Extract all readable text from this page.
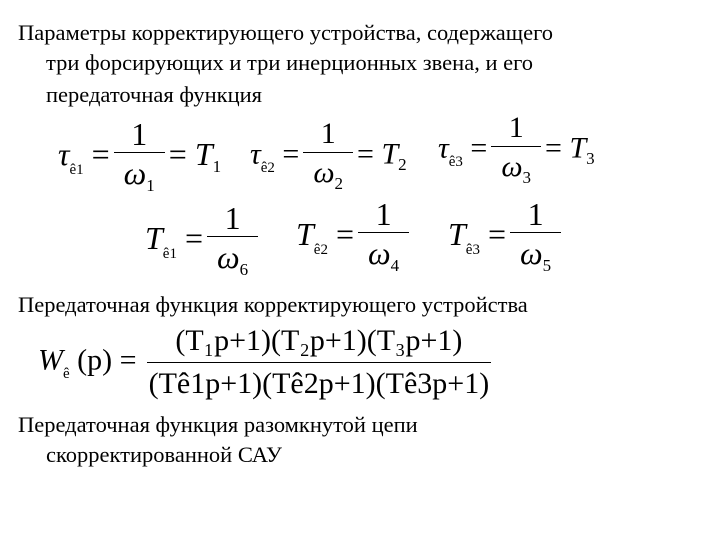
Параметры корректирующего устройства, содержащего
три форсирующих и три инерционных звена, и его
передаточная функция
$\tau_{ê1} = \frac{1}{\omega_1} = T_1$ $\tau_{ê2} = \frac{1}{\omega_2} = T_2$
$\tau_{ê3} = \frac{1}{\omega_3} = T_3$
$T_{ê1} = \frac{1}{\omega_6} T_{ê2} = \frac{1}{\omega_4} T_{ê3} = \frac{1}{\omega_5}$
Передаточная функция корректирующего устройства
$W_ê$ $(p) = \frac{\text{(T₁p+1)(T₂p+1)(T₃p+1)}}{(Tê1p+1)(Tê2p+1)(Tê3p+1)}$
Передаточная функция разомкнутой цепи
скорректированной САУ
